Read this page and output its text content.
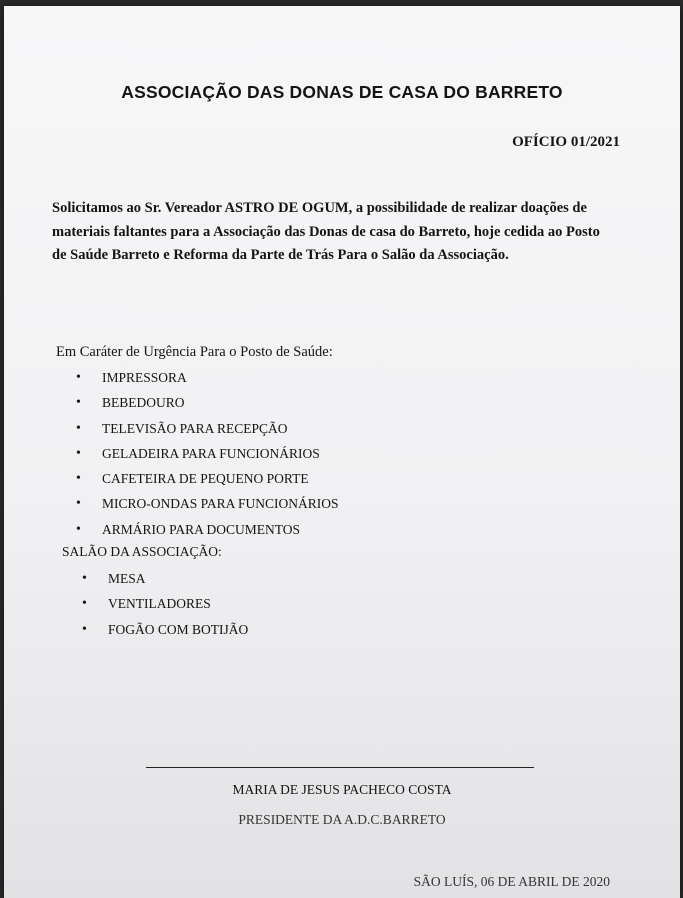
ASSOCIAÇÃO DAS DONAS DE CASA DO BARRETO
OFÍCIO 01/2021
Solicitamos ao Sr. Vereador ASTRO DE OGUM, a possibilidade de realizar doações de materiais faltantes para a Associação das Donas de casa do Barreto, hoje cedida ao Posto de Saúde Barreto e Reforma da Parte de Trás Para o Salão da Associação.
Em Caráter de Urgência Para o Posto de Saúde:
• IMPRESSORA
• BEBEDOURO
• TELEVISÃO PARA RECEPÇÃO
• GELADEIRA PARA FUNCIONÁRIOS
• CAFETEIRA DE PEQUENO PORTE
• MICRO-ONDAS PARA FUNCIONÁRIOS
• ARMÁRIO PARA DOCUMENTOS
SALÃO DA ASSOCIAÇÃO:
• MESA
• VENTILADORES
• FOGÃO COM BOTIJÃO
MARIA DE JESUS PACHECO COSTA
PRESIDENTE DA A.D.C.BARRETO
SÃO LUÍS, 06 DE ABRIL DE 2020
